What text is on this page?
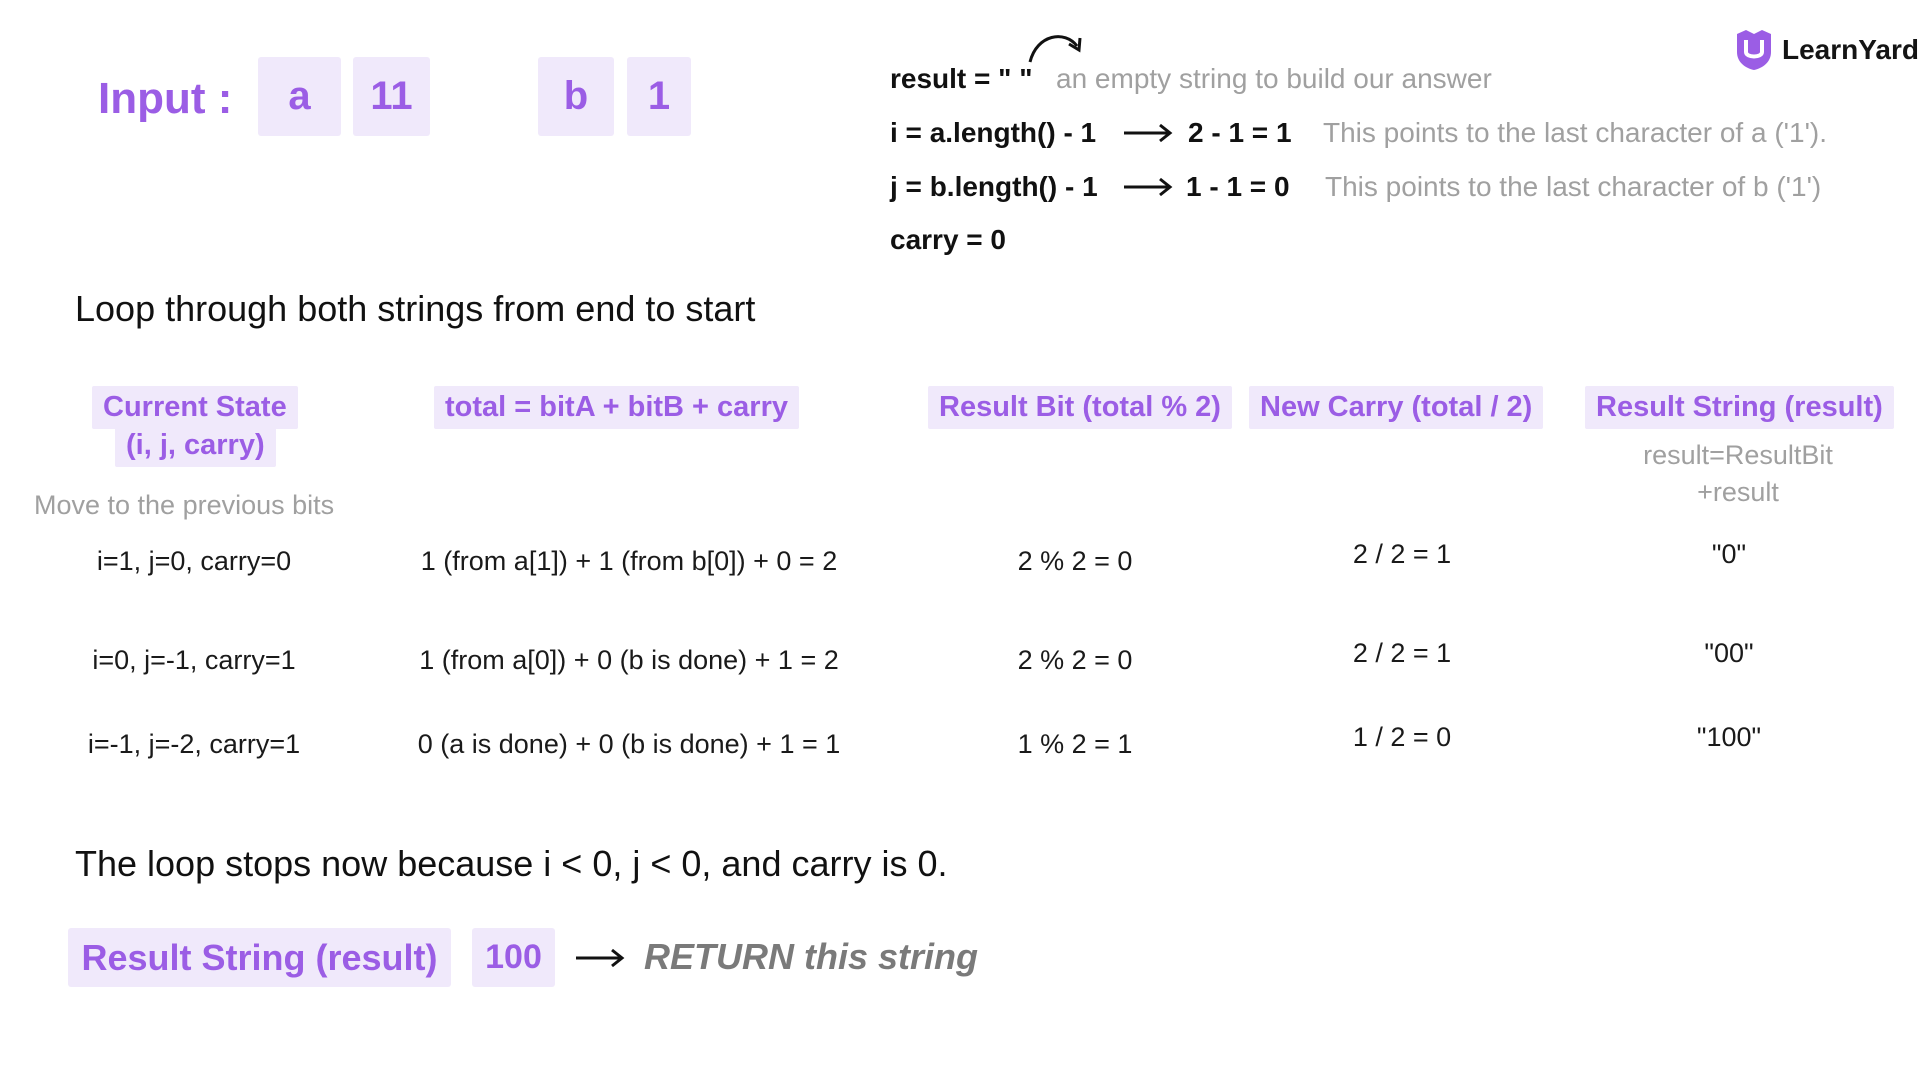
Input :	a	11	b	1	result = " " an empty string to build our answer
i = a.length() - 1	2 - 1 = 1 This points to the last character of a ('1').
j = b.length() - 1	1 - 1 = 0 This points to the last character of b ('1')
carry = 0
LearnYard
Loop through both strings from end to start
Current State
(i, j, carry)
total = bitA + bitB + carry	Result Bit (total % 2)	New Carry (total / 2)	Result String (result)
Move to the previous bits
result=ResultBit
+result
i=1, j=0, carry=0	1 (from a[1]) + 1 (from b[0]) + 0 = 2	2 % 2 = 0	2 / 2 = 1	"0"
i=0, j=-1, carry=1	1 (from a[0]) + 0 (b is done) + 1 = 2	2 % 2 = 0	2 / 2 = 1	"00"
i=-1, j=-2, carry=1	0 (a is done) + 0 (b is done) + 1 = 1	1 % 2 = 1	1 / 2 = 0	"100"
The loop stops now because i < 0, j < 0, and carry is 0.
Result String (result)	100	RETURN this string
